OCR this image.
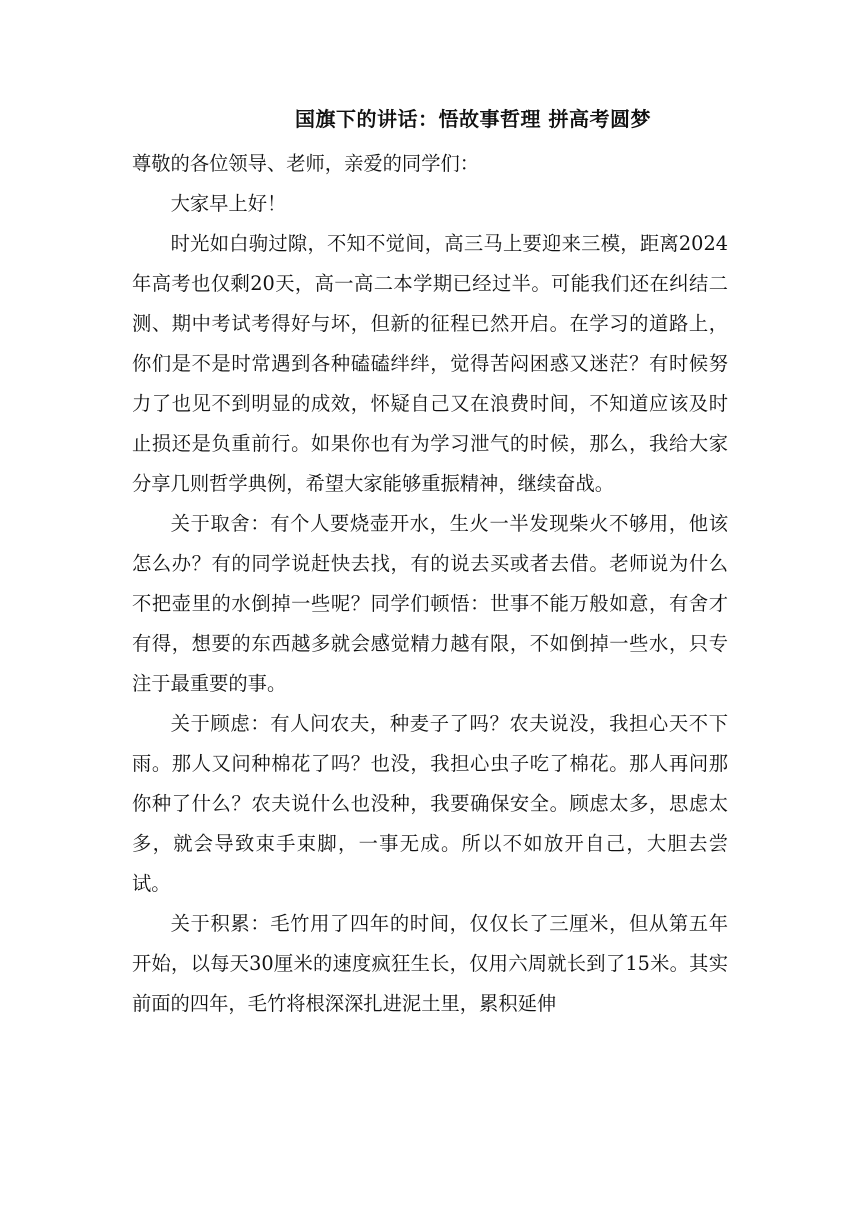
国旗下的讲话：悟故事哲理 拼高考圆梦

尊敬的各位领导、老师，亲爱的同学们：

大家早上好！

时光如白驹过隙，不知不觉间，高三马上要迎来三模，距离2024年高考也仅剩20天，高一高二本学期已经过半。可能我们还在纠结二测、期中考试考得好与坏，但新的征程已然开启。在学习的道路上，你们是不是时常遇到各种磕磕绊绊，觉得苦闷困惑又迷茫？有时候努力了也见不到明显的成效，怀疑自己又在浪费时间，不知道应该及时止损还是负重前行。如果你也有为学习泄气的时候，那么，我给大家分享几则哲学典例，希望大家能够重振精神，继续奋战。

关于取舍：有个人要烧壶开水，生火一半发现柴火不够用，他该怎么办？有的同学说赶快去找，有的说去买或者去借。老师说为什么不把壶里的水倒掉一些呢？同学们顿悟：世事不能万般如意，有舍才有得，想要的东西越多就会感觉精力越有限，不如倒掉一些水，只专注于最重要的事。

关于顾虑：有人问农夫，种麦子了吗？农夫说没，我担心天不下雨。那人又问种棉花了吗？也没，我担心虫子吃了棉花。那人再问那你种了什么？农夫说什么也没种，我要确保安全。顾虑太多，思虑太多，就会导致束手束脚，一事无成。所以不如放开自己，大胆去尝试。

关于积累：毛竹用了四年的时间，仅仅长了三厘米，但从第五年开始，以每天30厘米的速度疯狂生长，仅用六周就长到了15米。其实前面的四年，毛竹将根深深扎进泥土里，累积延伸
